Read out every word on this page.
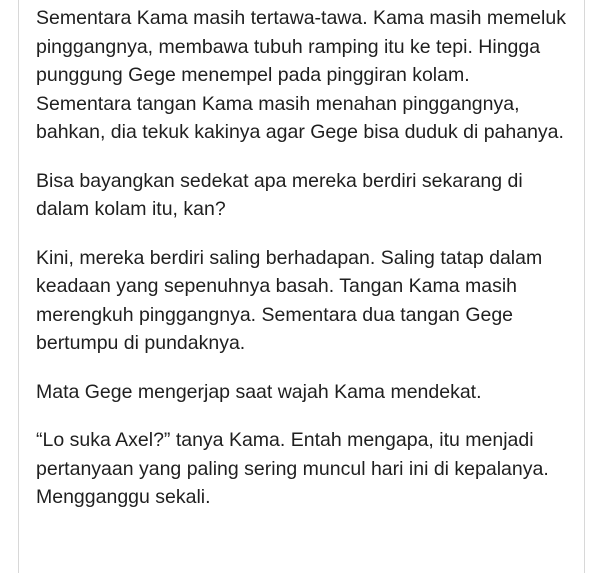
Sementara Kama masih tertawa-tawa. Kama masih memeluk pinggangnya, membawa tubuh ramping itu ke tepi. Hingga punggung Gege menempel pada pinggiran kolam. Sementara tangan Kama masih menahan pinggangnya, bahkan, dia tekuk kakinya agar Gege bisa duduk di pahanya.

Bisa bayangkan sedekat apa mereka berdiri sekarang di dalam kolam itu, kan?

Kini, mereka berdiri saling berhadapan. Saling tatap dalam keadaan yang sepenuhnya basah. Tangan Kama masih merengkuh pinggangnya. Sementara dua tangan Gege bertumpu di pundaknya.

Mata Gege mengerjap saat wajah Kama mendekat.

“Lo suka Axel?” tanya Kama. Entah mengapa, itu menjadi pertanyaan yang paling sering muncul hari ini di kepalanya. Mengganggu sekali.
